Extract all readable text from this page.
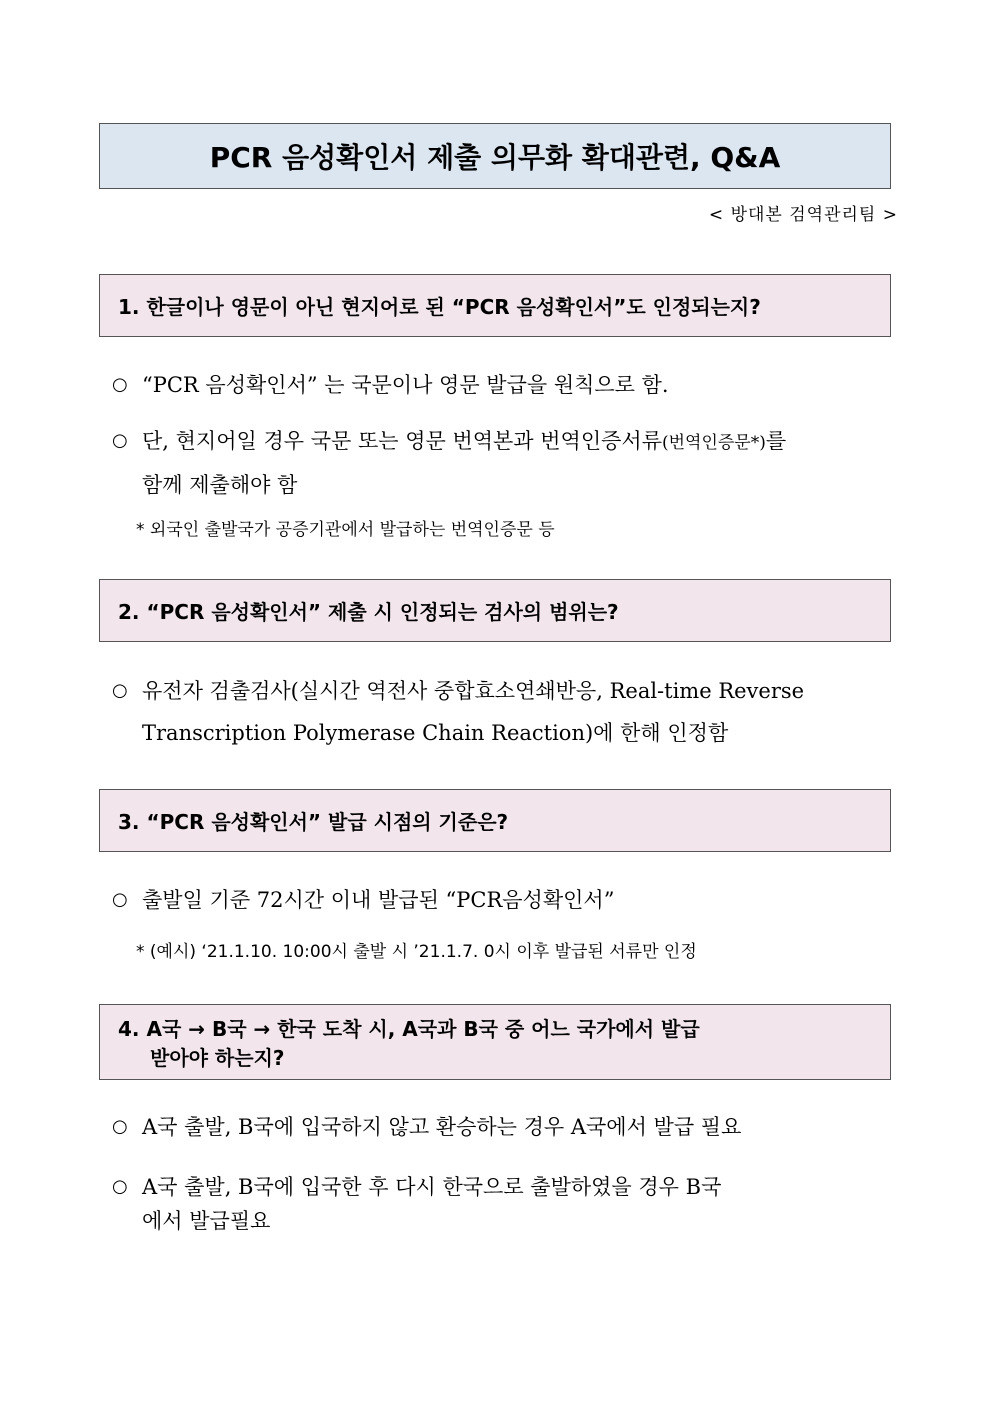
PCR 음성확인서 제출 의무화 확대관련, Q&A
< 방대본 검역관리팀 >
1. 한글이나 영문이 아닌 현지어로 된 “PCR 음성확인서”도 인정되는지?
○ “PCR 음성확인서” 는 국문이나 영문 발급을 원칙으로 함.
○ 단, 현지어일 경우 국문 또는 영문 번역본과 번역인증서류(번역인증문*)를
함께 제출해야 함
* 외국인 출발국가 공증기관에서 발급하는 번역인증문 등
2. “PCR 음성확인서” 제출 시 인정되는 검사의 범위는?
○ 유전자 검출검사(실시간 역전사 중합효소연쇄반응, Real-time Reverse
Transcription Polymerase Chain Reaction)에 한해 인정함
3. “PCR 음성확인서” 발급 시점의 기준은?
○ 출발일 기준 72시간 이내 발급된 “PCR음성확인서”
* (예시) ‘21.1.10. 10:00시 출발 시 ’21.1.7. 0시 이후 발급된 서류만 인정
4. A국 → B국 → 한국 도착 시, A국과 B국 중 어느 국가에서 발급
받아야 하는지?
○ A국 출발, B국에 입국하지 않고 환승하는 경우 A국에서 발급 필요
○ A국 출발, B국에 입국한 후 다시 한국으로 출발하였을 경우 B국
에서 발급필요
